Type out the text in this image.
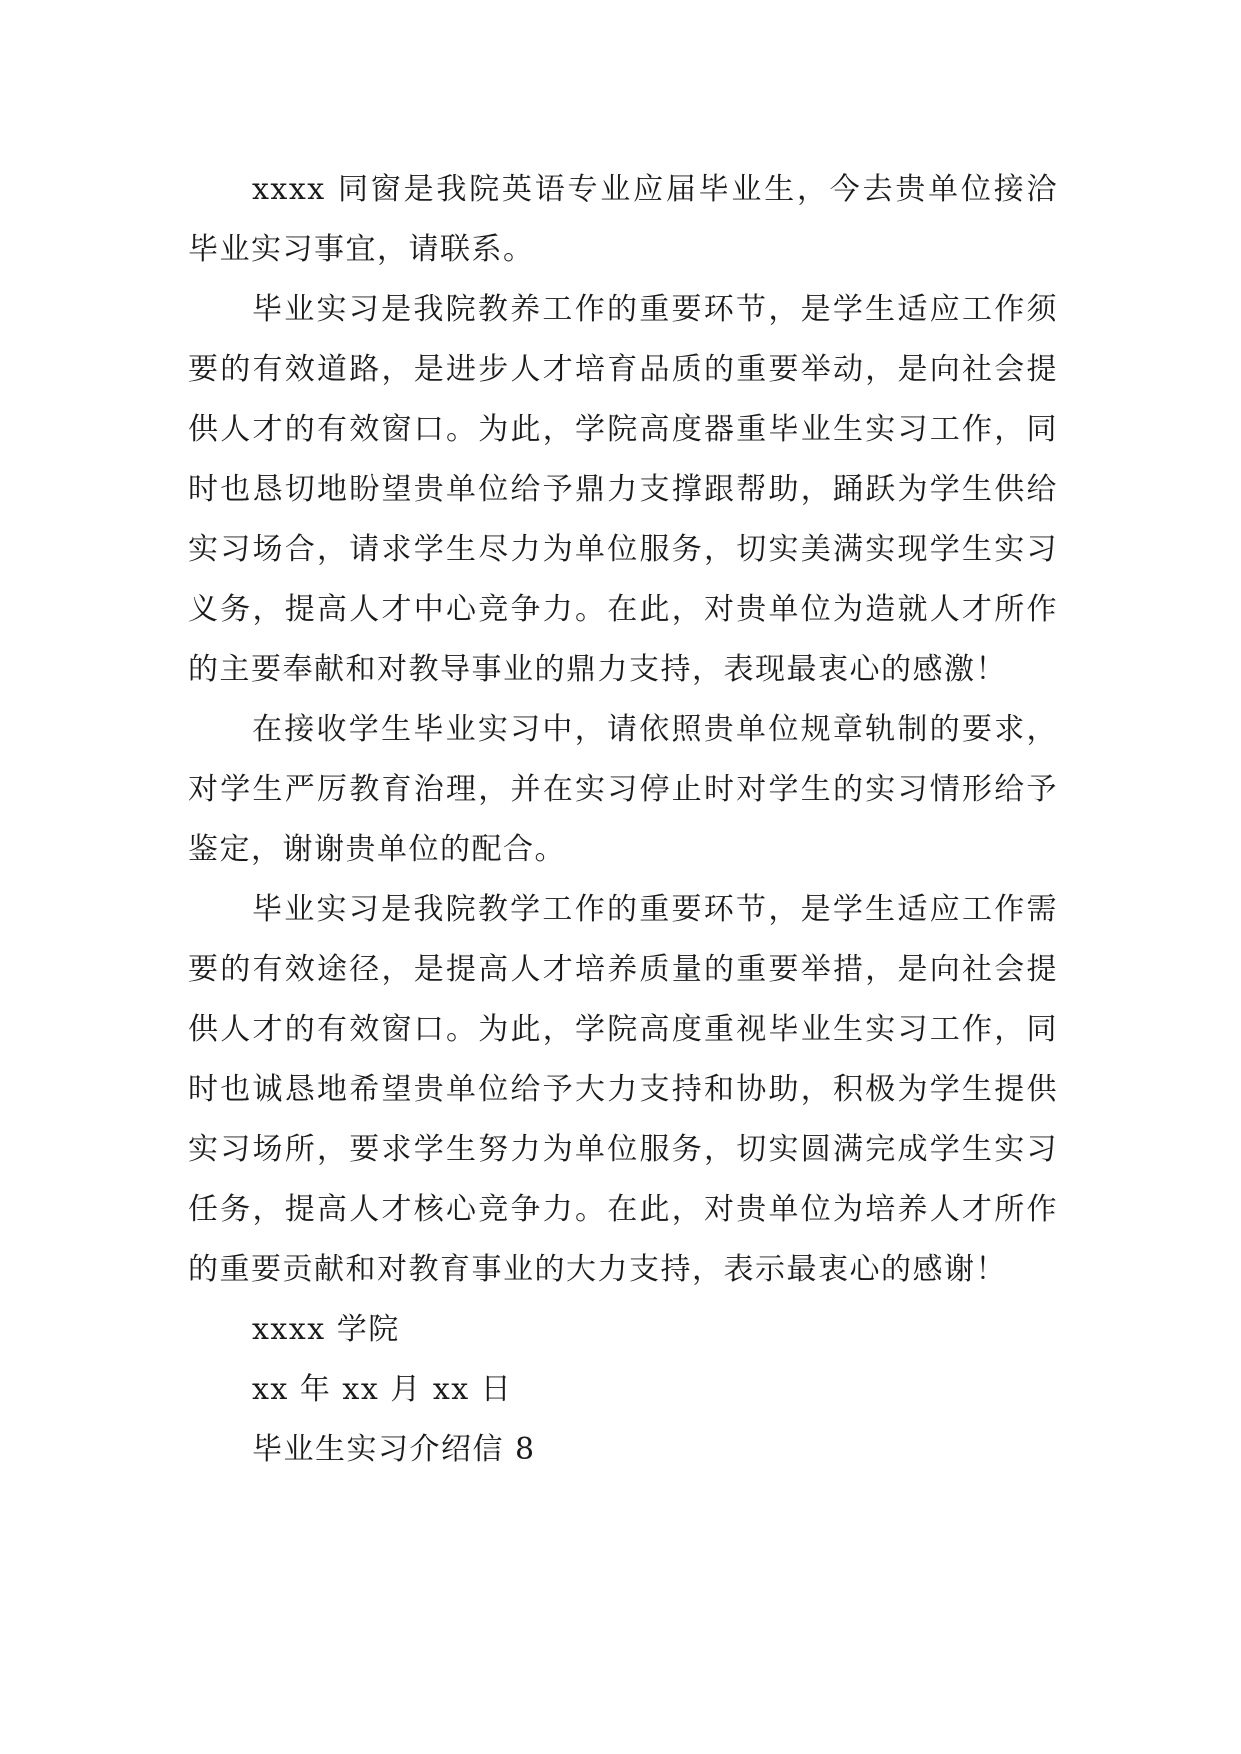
xxxx 同窗是我院英语专业应届毕业生，今去贵单位接洽毕业实习事宜，请联系。

毕业实习是我院教养工作的重要环节，是学生适应工作须要的有效道路，是进步人才培育品质的重要举动，是向社会提供人才的有效窗口。为此，学院高度器重毕业生实习工作，同时也恳切地盼望贵单位给予鼎力支撑跟帮助，踊跃为学生供给实习场合，请求学生尽力为单位服务，切实美满实现学生实习义务，提高人才中心竞争力。在此，对贵单位为造就人才所作的主要奉献和对教导事业的鼎力支持，表现最衷心的感激！

在接收学生毕业实习中，请依照贵单位规章轨制的要求，对学生严厉教育治理，并在实习停止时对学生的实习情形给予鉴定，谢谢贵单位的配合。

毕业实习是我院教学工作的重要环节，是学生适应工作需要的有效途径，是提高人才培养质量的重要举措，是向社会提供人才的有效窗口。为此，学院高度重视毕业生实习工作，同时也诚恳地希望贵单位给予大力支持和协助，积极为学生提供实习场所，要求学生努力为单位服务，切实圆满完成学生实习任务，提高人才核心竞争力。在此，对贵单位为培养人才所作的重要贡献和对教育事业的大力支持，表示最衷心的感谢！

xxxx 学院

xx 年 xx 月 xx 日

毕业生实习介绍信 8
